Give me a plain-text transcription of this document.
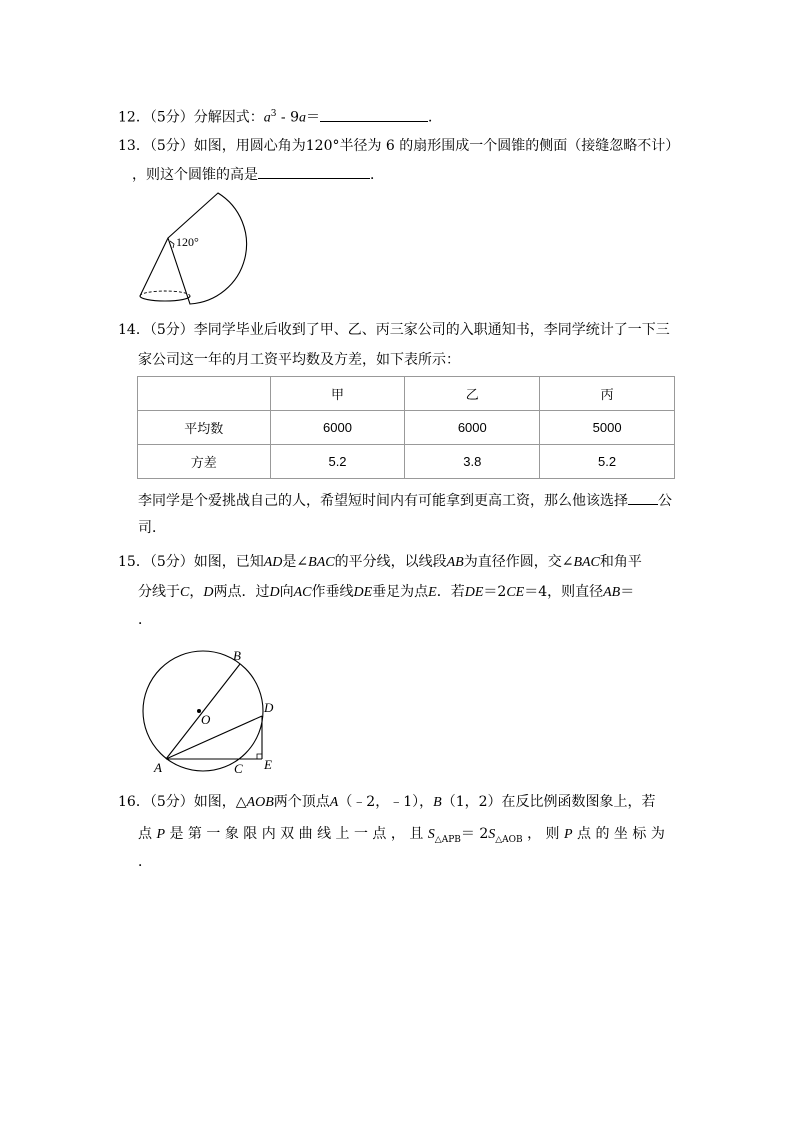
12．（5分）分解因式：$a^3 - 9a=$	．
13．（5分）如图，用圆心角为120°半径为 6 的扇形围成一个圆锥的侧面（接缝忽略不计）
，则这个圆锥的高是	．
120°
14．（5分）李同学毕业后收到了甲、乙、丙三家公司的入职通知书，李同学统计了一下三
家公司这一年的月工资平均数及方差，如下表所示：
	甲	乙	丙
平均数	6000	6000	5000
方差	5.2	3.8	5.2
李同学是个爱挑战自己的人，希望短时间内有可能拿到更高工资，那么他该选择 公
司．
15．（5分）如图，已知AD是∠BAC的平分线，以线段AB为直径作圆，交∠BAC和角平
分线于C，D两点．过D向AC作垂线DE垂足为点E．若DE＝2CE＝4，则直径AB＝
．
B
D
O
A	C E
16．（5分）如图，△AOB两个顶点A（﹣2，﹣1），B（1，2）在反比例函数图象上，若
点 P 是 第 一 象 限 内 双 曲 线 上 一 点 ， 且 $S_{\triangle APB}= 2S_{\triangle AOB}$ ， 则 P 点 的 坐 标 为
．
